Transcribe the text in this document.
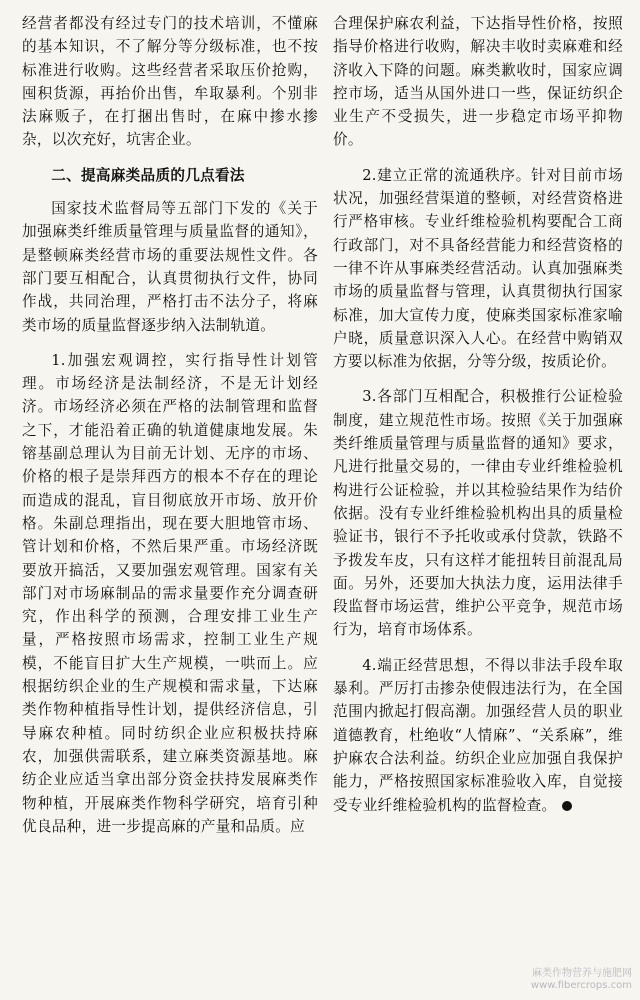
经营者都没有经过专门的技术培训，不懂麻的基本知识，不了解分等分级标准，也不按标准进行收购。这些经营者采取压价抢购，囤积货源，再抬价出售，牟取暴利。个别非法麻贩子，在打捆出售时，在麻中掺水掺杂，以次充好，坑害企业。

二、提高麻类品质的几点看法

国家技术监督局等五部门下发的《关于加强麻类纤维质量管理与质量监督的通知》，是整顿麻类经营市场的重要法规性文件。各部门要互相配合，认真贯彻执行文件，协同作战，共同治理，严格打击不法分子，将麻类市场的质量监督逐步纳入法制轨道。

1.加强宏观调控，实行指导性计划管理。市场经济是法制经济，不是无计划经济。市场经济必须在严格的法制管理和监督之下，才能沿着正确的轨道健康地发展。朱镕基副总理认为目前无计划、无序的市场、价格的根子是崇拜西方的根本不存在的理论而造成的混乱，盲目彻底放开市场、放开价格。朱副总理指出，现在要大胆地管市场、管计划和价格，不然后果严重。市场经济既要放开搞活，又要加强宏观管理。国家有关部门对市场麻制品的需求量要作充分调查研究，作出科学的预测，合理安排工业生产量，严格按照市场需求，控制工业生产规模，不能盲目扩大生产规模，一哄而上。应根据纺织企业的生产规模和需求量，下达麻类作物种植指导性计划，提供经济信息，引导麻农种植。同时纺织企业应积极扶持麻农，加强供需联系，建立麻类资源基地。麻纺企业应适当拿出部分资金扶持发展麻类作物种植，开展麻类作物科学研究，培育引种优良品种，进一步提高麻的产量和品质。应

合理保护麻农利益，下达指导性价格，按照指导价格进行收购，解决丰收时卖麻难和经济收入下降的问题。麻类歉收时，国家应调控市场，适当从国外进口一些，保证纺织企业生产不受损失，进一步稳定市场平抑物价。

2.建立正常的流通秩序。针对目前市场状况，加强经营渠道的整顿，对经营资格进行严格审核。专业纤维检验机构要配合工商行政部门，对不具备经营能力和经营资格的一律不许从事麻类经营活动。认真加强麻类市场的质量监督与管理，认真贯彻执行国家标准，加大宣传力度，使麻类国家标准家喻户晓，质量意识深入人心。在经营中购销双方要以标准为依据，分等分级，按质论价。

3.各部门互相配合，积极推行公证检验制度，建立规范性市场。按照《关于加强麻类纤维质量管理与质量监督的通知》要求，凡进行批量交易的，一律由专业纤维检验机构进行公证检验，并以其检验结果作为结价依据。没有专业纤维检验机构出具的质量检验证书，银行不予托收或承付贷款，铁路不予拨发车皮，只有这样才能扭转目前混乱局面。另外，还要加大执法力度，运用法律手段监督市场运营，维护公平竞争，规范市场行为，培育市场体系。

4.端正经营思想，不得以非法手段牟取暴利。严厉打击掺杂使假违法行为，在全国范围内掀起打假高潮。加强经营人员的职业道德教育，杜绝收“人情麻”、“关系麻”，维护麻农合法利益。纺织企业应加强自我保护能力，严格按照国家标准验收入库，自觉接受专业纤维检验机构的监督检查。

麻类作物营养与施肥网
www.fibercrops.com
